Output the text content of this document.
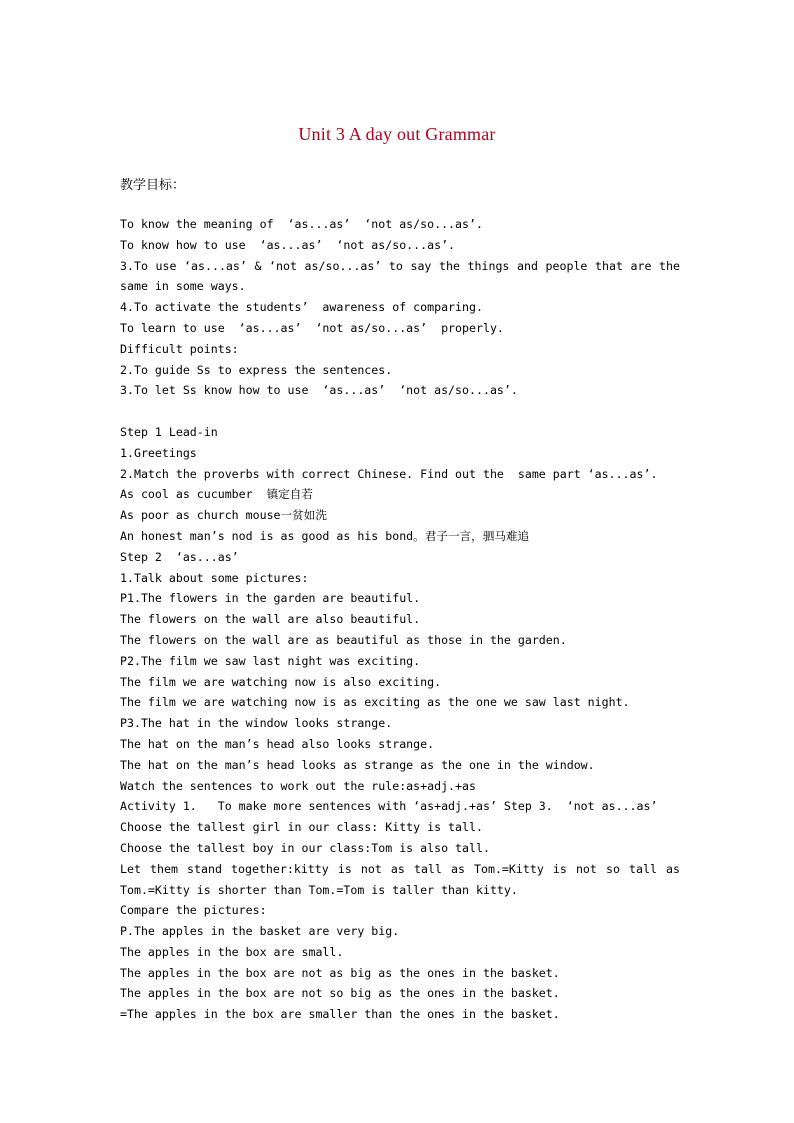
Unit 3 A day out Grammar
教学目标：
To know the meaning of  ‘as...as’  ‘not as/so...as’.
To know how to use  ‘as...as’  ‘not as/so...as’.
3.To use ‘as...as’ & ‘not as/so...as’ to say the things and people that are the same in some ways.
4.To activate the students’  awareness of comparing.
To learn to use  ‘as...as’  ‘not as/so...as’  properly.
Difficult points:
2.To guide Ss to express the sentences.
3.To let Ss know how to use  ‘as...as’  ‘not as/so...as’.
Step 1 Lead-in
1.Greetings
2.Match the proverbs with correct Chinese. Find out the  same part ‘as...as’.
As cool as cucumber  镇定自若
As poor as church mouse一贫如洗
An honest man’s nod is as good as his bond。君子一言，驷马难追
Step 2  ‘as...as’
1.Talk about some pictures:
P1.The flowers in the garden are beautiful.
The flowers on the wall are also beautiful.
The flowers on the wall are as beautiful as those in the garden.
P2.The film we saw last night was exciting.
The film we are watching now is also exciting.
The film we are watching now is as exciting as the one we saw last night.
P3.The hat in the window looks strange.
The hat on the man’s head also looks strange.
The hat on the man’s head looks as strange as the one in the window.
Watch the sentences to work out the rule:as+adj.+as
Activity 1.   To make more sentences with ‘as+adj.+as’ Step 3.  ‘not as...as’
Choose the tallest girl in our class: Kitty is tall.
Choose the tallest boy in our class:Tom is also tall.
Let them stand together:kitty is not as tall as Tom.=Kitty is not so tall as Tom.=Kitty is shorter than Tom.=Tom is taller than kitty.
Compare the pictures:
P.The apples in the basket are very big.
The apples in the box are small.
The apples in the box are not as big as the ones in the basket.
The apples in the box are not so big as the ones in the basket.
=The apples in the box are smaller than the ones in the basket.
